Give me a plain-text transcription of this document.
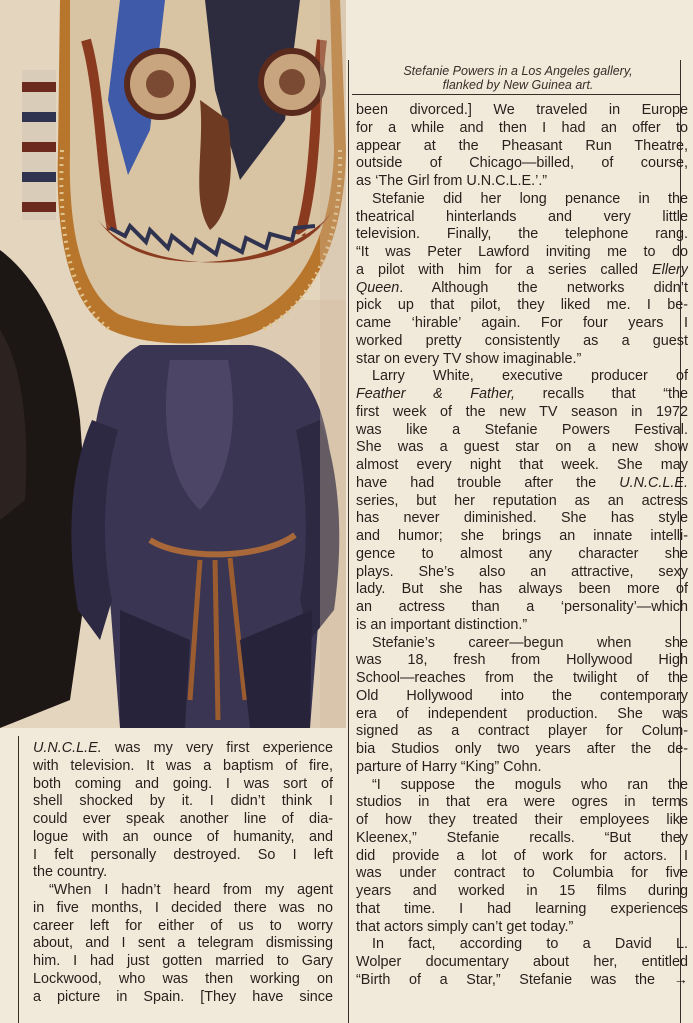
Stefanie Powers in a Los Angeles gallery,
flanked by New Guinea art.
been divorced.] We traveled in Europe
for a while and then I had an offer to
appear at the Pheasant Run Theatre,
outside of Chicago—billed, of course,
as ‘The Girl from U.N.C.L.E.’.”
Stefanie did her long penance in the
theatrical hinterlands and very little
television. Finally, the telephone rang.
“It was Peter Lawford inviting me to do
a pilot with him for a series called Ellery
Queen. Although the networks didn’t
pick up that pilot, they liked me. I be-
came ‘hirable’ again. For four years I
worked pretty consistently as a guest
star on every TV show imaginable.”
Larry White, executive producer of
Feather & Father, recalls that “the
first week of the new TV season in 1972
was like a Stefanie Powers Festival.
She was a guest star on a new show
almost every night that week. She may
have had trouble after the U.N.C.L.E.
series, but her reputation as an actress
has never diminished. She has style
and humor; she brings an innate intelli-
gence to almost any character she
plays. She’s also an attractive, sexy
lady. But she has always been more of
an actress than a ‘personality’—which
is an important distinction.”
Stefanie’s career—begun when she
was 18, fresh from Hollywood High
School—reaches from the twilight of the
Old Hollywood into the contemporary
era of independent production. She was
signed as a contract player for Colum-
bia Studios only two years after the de-
parture of Harry “King” Cohn.
“I suppose the moguls who ran the
studios in that era were ogres in terms
of how they treated their employees like
Kleenex,” Stefanie recalls. “But they
did provide a lot of work for actors. I
was under contract to Columbia for five
years and worked in 15 films during
that time. I had learning experiences
that actors simply can’t get today.”
In fact, according to a David L.
Wolper documentary about her, entitled
“Birth of a Star,” Stefanie was the →
U.N.C.L.E. was my very first experience
with television. It was a baptism of fire,
both coming and going. I was sort of
shell shocked by it. I didn’t think I
could ever speak another line of dia-
logue with an ounce of humanity, and
I felt personally destroyed. So I left
the country.
“When I hadn’t heard from my agent
in five months, I decided there was no
career left for either of us to worry
about, and I sent a telegram dismissing
him. I had just gotten married to Gary
Lockwood, who was then working on
a picture in Spain. [They have since
